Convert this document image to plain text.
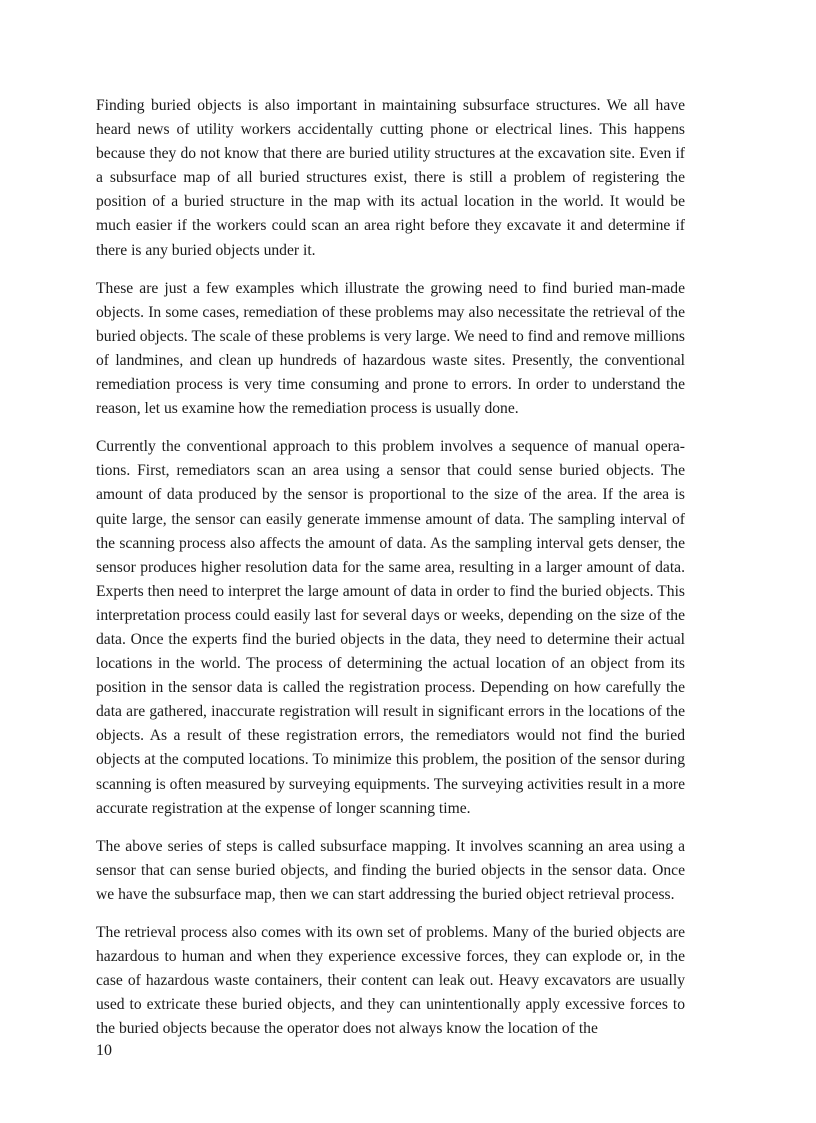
Finding buried objects is also important in maintaining subsurface structures. We all have heard news of utility workers accidentally cutting phone or electrical lines. This happens because they do not know that there are buried utility structures at the excavation site. Even if a subsurface map of all buried structures exist, there is still a problem of registering the position of a buried structure in the map with its actual location in the world. It would be much easier if the workers could scan an area right before they excavate it and determine if there is any buried objects under it.

These are just a few examples which illustrate the growing need to find buried man-made objects. In some cases, remediation of these problems may also necessitate the retrieval of the buried objects. The scale of these problems is very large. We need to find and remove millions of landmines, and clean up hundreds of hazardous waste sites. Presently, the conventional remediation process is very time consuming and prone to errors. In order to understand the reason, let us examine how the remediation process is usually done.

Currently the conventional approach to this problem involves a sequence of manual operations. First, remediators scan an area using a sensor that could sense buried objects. The amount of data produced by the sensor is proportional to the size of the area. If the area is quite large, the sensor can easily generate immense amount of data. The sampling interval of the scanning process also affects the amount of data. As the sampling interval gets denser, the sensor produces higher resolution data for the same area, resulting in a larger amount of data. Experts then need to interpret the large amount of data in order to find the buried objects. This interpretation process could easily last for several days or weeks, depending on the size of the data. Once the experts find the buried objects in the data, they need to determine their actual locations in the world. The process of determining the actual location of an object from its position in the sensor data is called the registration process. Depending on how carefully the data are gathered, inaccurate registration will result in significant errors in the locations of the objects. As a result of these registration errors, the remediators would not find the buried objects at the computed locations. To minimize this problem, the position of the sensor during scanning is often measured by surveying equipments. The surveying activities result in a more accurate registration at the expense of longer scanning time.

The above series of steps is called subsurface mapping. It involves scanning an area using a sensor that can sense buried objects, and finding the buried objects in the sensor data. Once we have the subsurface map, then we can start addressing the buried object retrieval process.

The retrieval process also comes with its own set of problems. Many of the buried objects are hazardous to human and when they experience excessive forces, they can explode or, in the case of hazardous waste containers, their content can leak out. Heavy excavators are usually used to extricate these buried objects, and they can unintentionally apply excessive forces to the buried objects because the operator does not always know the location of the

10
